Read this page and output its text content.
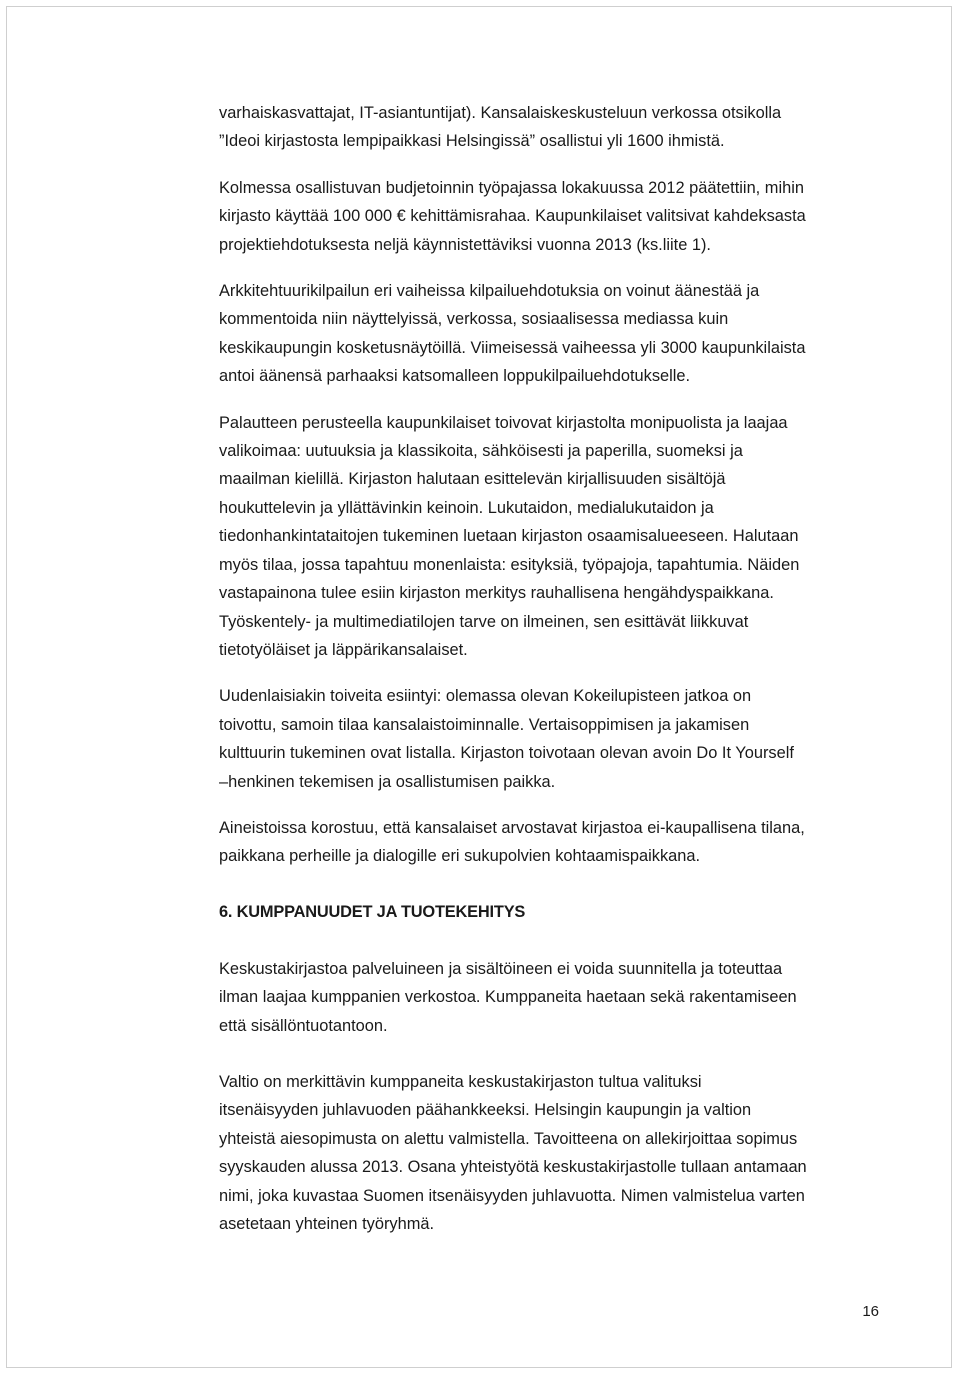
varhaiskasvattajat, IT-asiantuntijat). Kansalaiskeskusteluun verkossa otsikolla
”Ideoi kirjastosta lempipaikkasi Helsingissä” osallistui yli 1600 ihmistä.

Kolmessa osallistuvan budjetoinnin työpajassa lokakuussa 2012 päätettiin, mihin
kirjasto käyttää 100 000 € kehittämisrahaa. Kaupunkilaiset valitsivat kahdeksasta
projektiehdotuksesta neljä käynnistettäviksi vuonna 2013 (ks.liite 1).

Arkkitehtuurikilpailun eri vaiheissa kilpailuehdotuksia on voinut äänestää ja
kommentoida niin näyttelyissä, verkossa, sosiaalisessa mediassa kuin
keskikaupungin kosketusnäytöillä. Viimeisessä vaiheessa yli 3000 kaupunkilaista
antoi äänensä parhaaksi katsomalleen loppukilpailuehdotukselle.

Palautteen perusteella kaupunkilaiset toivovat kirjastolta monipuolista ja laajaa
valikoimaa: uutuuksia ja klassikoita, sähköisesti ja paperilla, suomeksi ja
maailman kielillä. Kirjaston halutaan esittelevän kirjallisuuden sisältöjä
houkuttelevin ja yllättävinkin keinoin. Lukutaidon, medialukutaidon ja
tiedonhankintataitojen tukeminen luetaan kirjaston osaamisalueeseen. Halutaan
myös tilaa, jossa tapahtuu monenlaista: esityksiä, työpajoja, tapahtumia. Näiden
vastapainona tulee esiin kirjaston merkitys rauhallisena hengähdyspaikkana.
Työskentely- ja multimediatilojen tarve on ilmeinen, sen esittävät liikkuvat
tietotyöläiset ja läppärikansalaiset.

Uudenlaisiakin toiveita esiintyi: olemassa olevan Kokeilupisteen jatkoa on
toivottu, samoin tilaa kansalaistoiminnalle. Vertaisoppimisen ja jakamisen
kulttuurin tukeminen ovat listalla. Kirjaston toivotaan olevan avoin Do It Yourself
–henkinen tekemisen ja osallistumisen paikka.

Aineistoissa korostuu, että kansalaiset arvostavat kirjastoa ei-kaupallisena tilana,
paikkana perheille ja dialogille eri sukupolvien kohtaamispaikkana.

6. KUMPPANUUDET JA TUOTEKEHITYS

Keskustakirjastoa palveluineen ja sisältöineen ei voida suunnitella ja toteuttaa
ilman laajaa kumppanien verkostoa. Kumppaneita haetaan sekä rakentamiseen
että sisällöntuotantoon.

Valtio on merkittävin kumppaneita keskustakirjaston tultua valituksi
itsenäisyyden juhlavuoden päähankkeeksi. Helsingin kaupungin ja valtion
yhteistä aiesopimusta on alettu valmistella. Tavoitteena on allekirjoittaa sopimus
syyskauden alussa 2013. Osana yhteistyötä keskustakirjastolle tullaan antamaan
nimi, joka kuvastaa Suomen itsenäisyyden juhlavuotta. Nimen valmistelua varten
asetetaan yhteinen työryhmä.

16
